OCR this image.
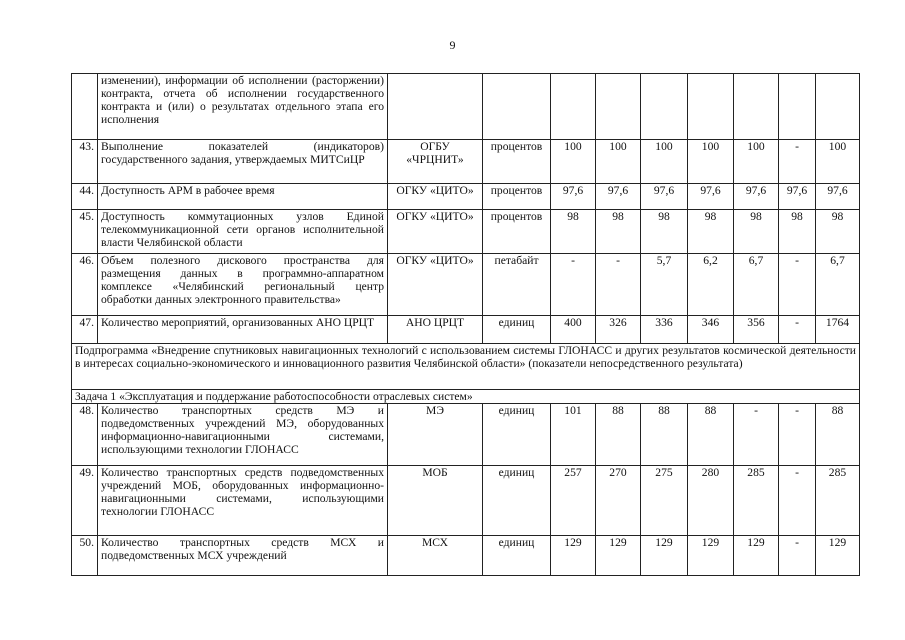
9
	изменении), информации об исполнении (расторжении) контракта, отчета об исполнении государственного контракта и (или) о результатах отдельного этапа его исполнения									
43.	Выполнение показателей (индикаторов) государственного задания, утверждаемых МИТСиЦР	ОГБУ «ЧРЦНИТ»	процентов	100	100	100	100	100	-	100
44.	Доступность АРМ в рабочее время	ОГКУ «ЦИТО»	процентов	97,6	97,6	97,6	97,6	97,6	97,6	97,6
45.	Доступность коммутационных узлов Единой телекоммуникационной сети органов исполнительной власти Челябинской области	ОГКУ «ЦИТО»	процентов	98	98	98	98	98	98	98
46.	Объем полезного дискового пространства для размещения данных в программно-аппаратном комплексе «Челябинский региональный центр обработки данных электронного правительства»	ОГКУ «ЦИТО»	петабайт	-	-	5,7	6,2	6,7	-	6,7
47.	Количество мероприятий, организованных АНО ЦРЦТ	АНО ЦРЦТ	единиц	400	326	336	346	356	-	1764
Подпрограмма «Внедрение спутниковых навигационных технологий с использованием системы ГЛОНАСС и других результатов космической деятельности в интересах социально-экономического и инновационного развития Челябинской области» (показатели непосредственного результата)										
Задача 1 «Эксплуатация и поддержание работоспособности отраслевых систем»										
48.	Количество транспортных средств МЭ и подведомственных учреждений МЭ, оборудованных информационно-навигационными системами, использующими технологии ГЛОНАСС	МЭ	единиц	101	88	88	88	-	-	88
49.	Количество транспортных средств подведомственных учреждений МОБ, оборудованных информационно-навигационными системами, использующими технологии ГЛОНАСС	МОБ	единиц	257	270	275	280	285	-	285
50.	Количество транспортных средств МСХ и подведомственных МСХ учреждений	МСХ	единиц	129	129	129	129	129	-	129
